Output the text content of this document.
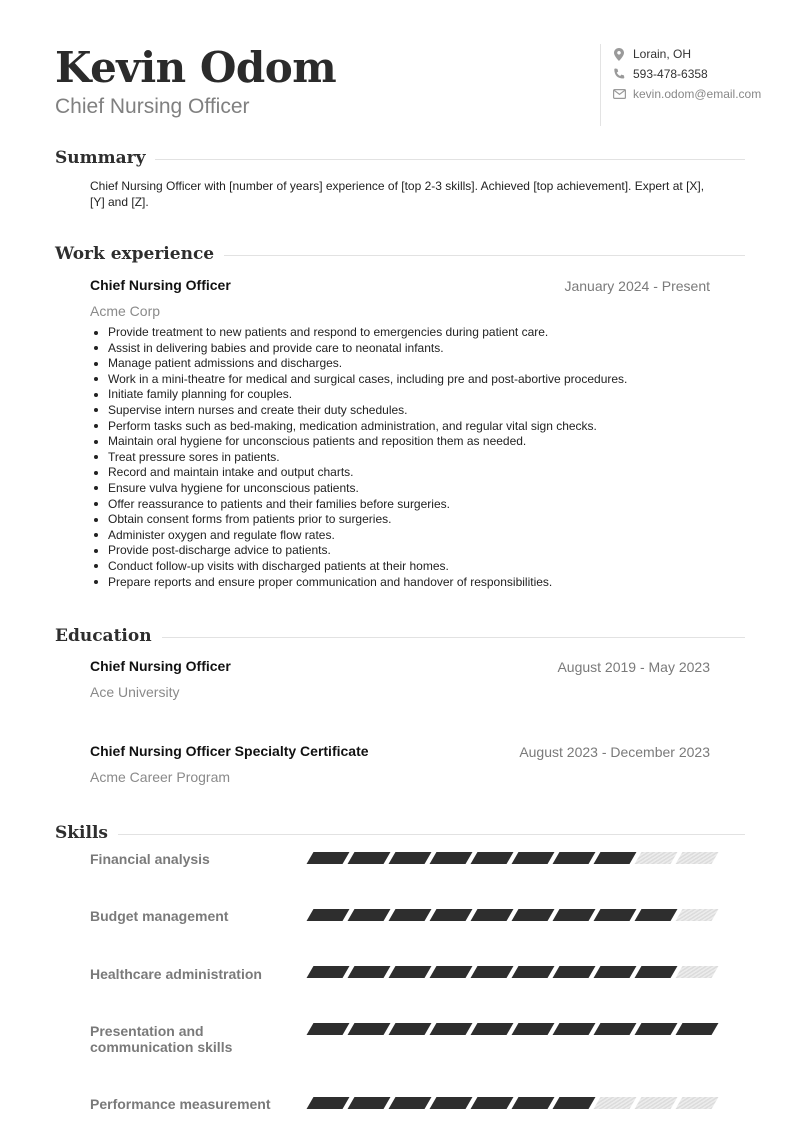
Kevin Odom
Chief Nursing Officer
Lorain, OH
593-478-6358
kevin.odom@email.com
Summary
Chief Nursing Officer with [number of years] experience of [top 2-3 skills]. Achieved [top achievement]. Expert at [X], [Y] and [Z].
Work experience
Chief Nursing Officer	January 2024 - Present
Acme Corp
Provide treatment to new patients and respond to emergencies during patient care.
Assist in delivering babies and provide care to neonatal infants.
Manage patient admissions and discharges.
Work in a mini-theatre for medical and surgical cases, including pre and post-abortive procedures.
Initiate family planning for couples.
Supervise intern nurses and create their duty schedules.
Perform tasks such as bed-making, medication administration, and regular vital sign checks.
Maintain oral hygiene for unconscious patients and reposition them as needed.
Treat pressure sores in patients.
Record and maintain intake and output charts.
Ensure vulva hygiene for unconscious patients.
Offer reassurance to patients and their families before surgeries.
Obtain consent forms from patients prior to surgeries.
Administer oxygen and regulate flow rates.
Provide post-discharge advice to patients.
Conduct follow-up visits with discharged patients at their homes.
Prepare reports and ensure proper communication and handover of responsibilities.
Education
Chief Nursing Officer	August 2019 - May 2023
Ace University
Chief Nursing Officer Specialty Certificate	August 2023 - December 2023
Acme Career Program
Skills
Financial analysis
Budget management
Healthcare administration
Presentation and communication skills
Performance measurement
